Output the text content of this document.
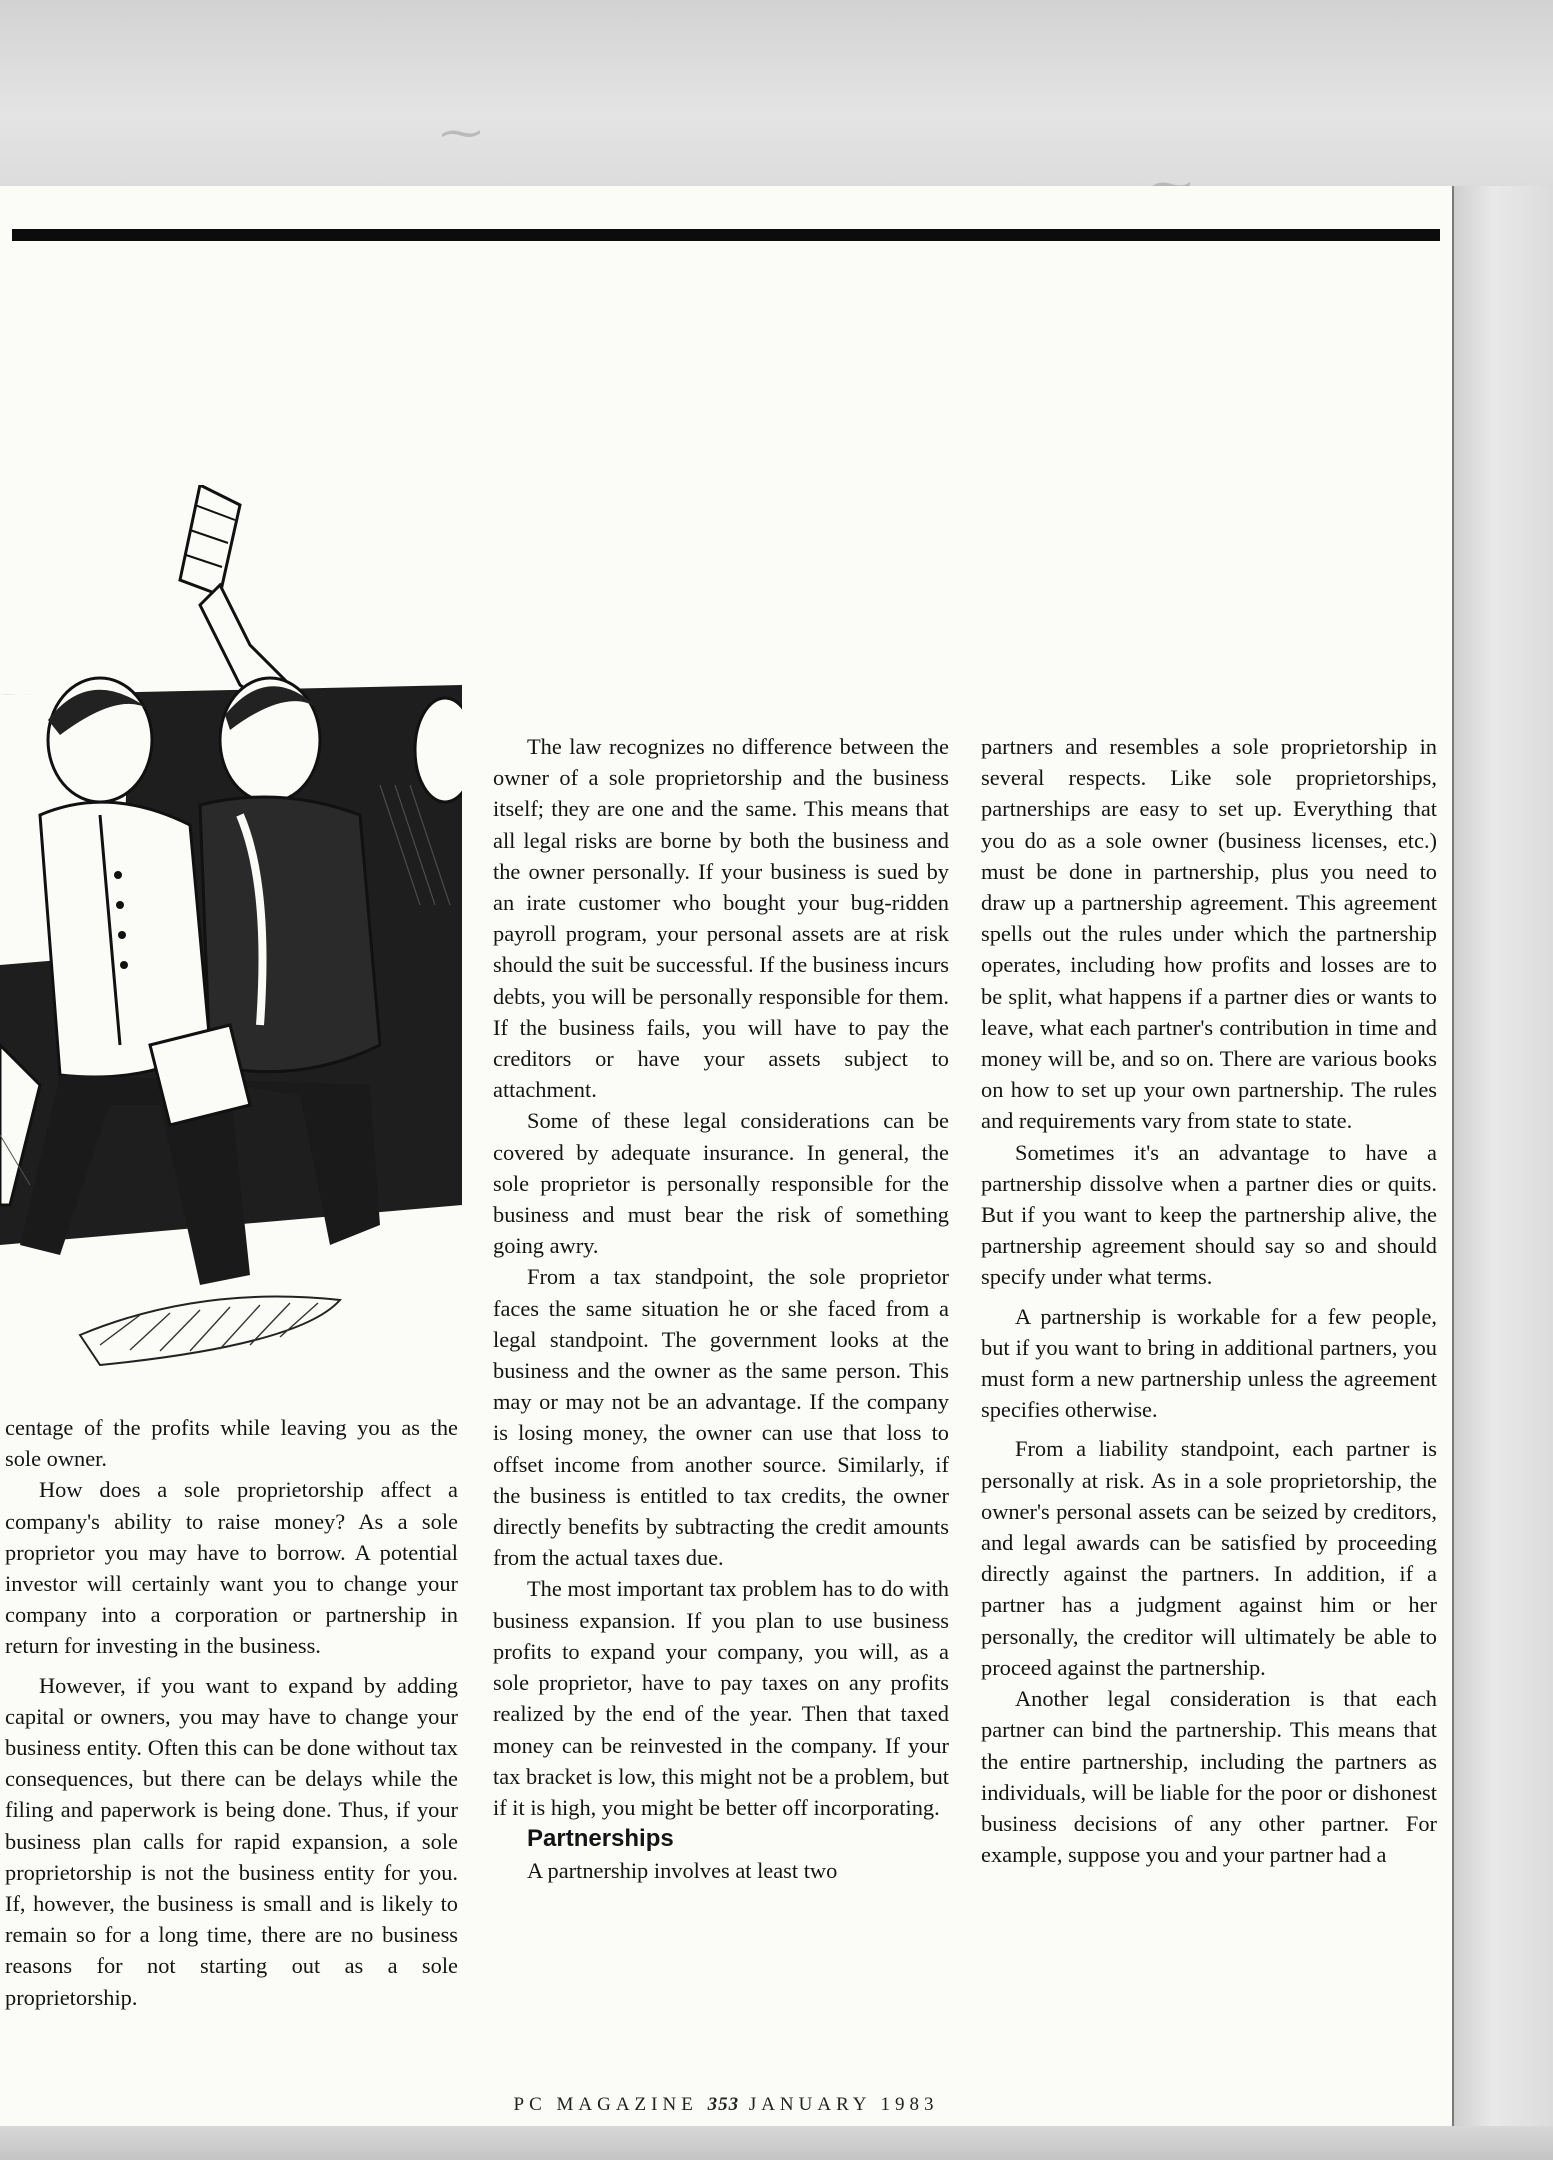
⁓

centage of the profits while leaving you as the sole owner.

How does a sole proprietorship affect a company's ability to raise money? As a sole proprietor you may have to borrow. A potential investor will certainly want you to change your company into a corporation or partnership in return for investing in the business.

However, if you want to expand by adding capital or owners, you may have to change your business entity. Often this can be done without tax consequences, but there can be delays while the filing and paperwork is being done. Thus, if your business plan calls for rapid expansion, a sole proprietorship is not the business entity for you. If, however, the business is small and is likely to remain so for a long time, there are no business reasons for not starting out as a sole proprietorship.

The law recognizes no difference between the owner of a sole proprietorship and the business itself; they are one and the same. This means that all legal risks are borne by both the business and the owner personally. If your business is sued by an irate customer who bought your bug-ridden payroll program, your personal assets are at risk should the suit be successful. If the business incurs debts, you will be personally responsible for them. If the business fails, you will have to pay the creditors or have your assets subject to attachment.

Some of these legal considerations can be covered by adequate insurance. In general, the sole proprietor is personally responsible for the business and must bear the risk of something going awry.

From a tax standpoint, the sole proprietor faces the same situation he or she faced from a legal standpoint. The government looks at the business and the owner as the same person. This may or may not be an advantage. If the company is losing money, the owner can use that loss to offset income from another source. Similarly, if the business is entitled to tax credits, the owner directly benefits by subtracting the credit amounts from the actual taxes due.

The most important tax problem has to do with business expansion. If you plan to use business profits to expand your company, you will, as a sole proprietor, have to pay taxes on any profits realized by the end of the year. Then that taxed money can be reinvested in the company. If your tax bracket is low, this might not be a problem, but if it is high, you might be better off incorporating.

Partnerships

A partnership involves at least two

partners and resembles a sole proprietorship in several respects. Like sole proprietorships, partnerships are easy to set up. Everything that you do as a sole owner (business licenses, etc.) must be done in partnership, plus you need to draw up a partnership agreement. This agreement spells out the rules under which the partnership operates, including how profits and losses are to be split, what happens if a partner dies or wants to leave, what each partner's contribution in time and money will be, and so on. There are various books on how to set up your own partnership. The rules and requirements vary from state to state.

Sometimes it's an advantage to have a partnership dissolve when a partner dies or quits. But if you want to keep the partnership alive, the partnership agreement should say so and should specify under what terms.

A partnership is workable for a few people, but if you want to bring in additional partners, you must form a new partnership unless the agreement specifies otherwise.

From a liability standpoint, each partner is personally at risk. As in a sole proprietorship, the owner's personal assets can be seized by creditors, and legal awards can be satisfied by proceeding directly against the partners. In addition, if a partner has a judgment against him or her personally, the creditor will ultimately be able to proceed against the partnership.

Another legal consideration is that each partner can bind the partnership. This means that the entire partnership, including the partners as individuals, will be liable for the poor or dishonest business decisions of any other partner. For example, suppose you and your partner had a

PC MAGAZINE 353 JANUARY 1983
